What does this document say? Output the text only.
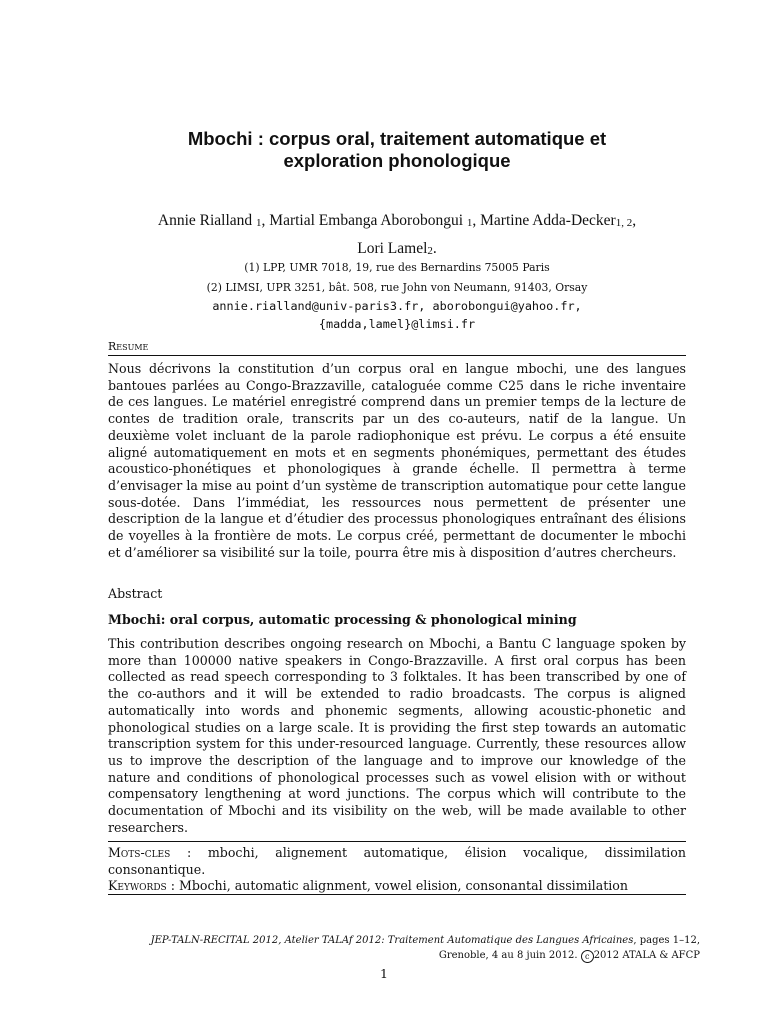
Mbochi : corpus oral, traitement automatique et
exploration phonologique
Annie Rialland $_1$, Martial Embanga Aborobongui $_1$, Martine Adda-Decker$_{1, 2}$,
Lori Lamel$_2$.
(1) LPP, UMR 7018, 19, rue des Bernardins 75005 Paris
(2) LIMSI, UPR 3251, bât. 508, rue John von Neumann, 91403, Orsay
annie.rialland@univ-paris3.fr, aborobongui@yahoo.fr,
{madda,lamel}@limsi.fr
Resume
Nous décrivons la constitution d’un corpus oral en langue mbochi, une des langues bantoues parlées au Congo-Brazzaville, cataloguée comme C25 dans le riche inventaire de ces langues. Le matériel enregistré comprend dans un premier temps de la lecture de contes de tradition orale, transcrits par un des co-auteurs, natif de la langue. Un deuxième volet incluant de la parole radiophonique est prévu. Le corpus a été ensuite aligné automatiquement en mots et en segments phonémiques, permettant des études acoustico-phonétiques et phonologiques à grande échelle. Il permettra à terme d’envisager la mise au point d’un système de transcription automatique pour cette langue sous-dotée. Dans l’immédiat, les ressources nous permettent de présenter une description de la langue et d’étudier des processus phonologiques entraînant des élisions de voyelles à la frontière de mots. Le corpus créé, permettant de documenter le mbochi et d’améliorer sa visibilité sur la toile, pourra être mis à disposition d’autres chercheurs.
Abstract
Mbochi: oral corpus, automatic processing & phonological mining
This contribution describes ongoing research on Mbochi, a Bantu C language spoken by more than 100000 native speakers in Congo-Brazzaville. A first oral corpus has been collected as read speech corresponding to 3 folktales. It has been transcribed by one of the co-authors and it will be extended to radio broadcasts. The corpus is aligned automatically into words and phonemic segments, allowing acoustic-phonetic and phonological studies on a large scale. It is providing the first step towards an automatic transcription system for this under-resourced language. Currently, these resources allow us to improve the description of the language and to improve our knowledge of the nature and conditions of phonological processes such as vowel elision with or without compensatory lengthening at word junctions. The corpus which will contribute to the documentation of Mbochi and its visibility on the web, will be made available to other researchers.
Mots-cles : mbochi, alignement automatique, élision vocalique, dissimilation consonantique.
Keywords : Mbochi, automatic alignment, vowel elision, consonantal dissimilation
JEP-TALN-RECITAL 2012, Atelier TALAf 2012: Traitement Automatique des Langues Africaines, pages 1–12,
Grenoble, 4 au 8 juin 2012. c 2012 ATALA & AFCP
1
